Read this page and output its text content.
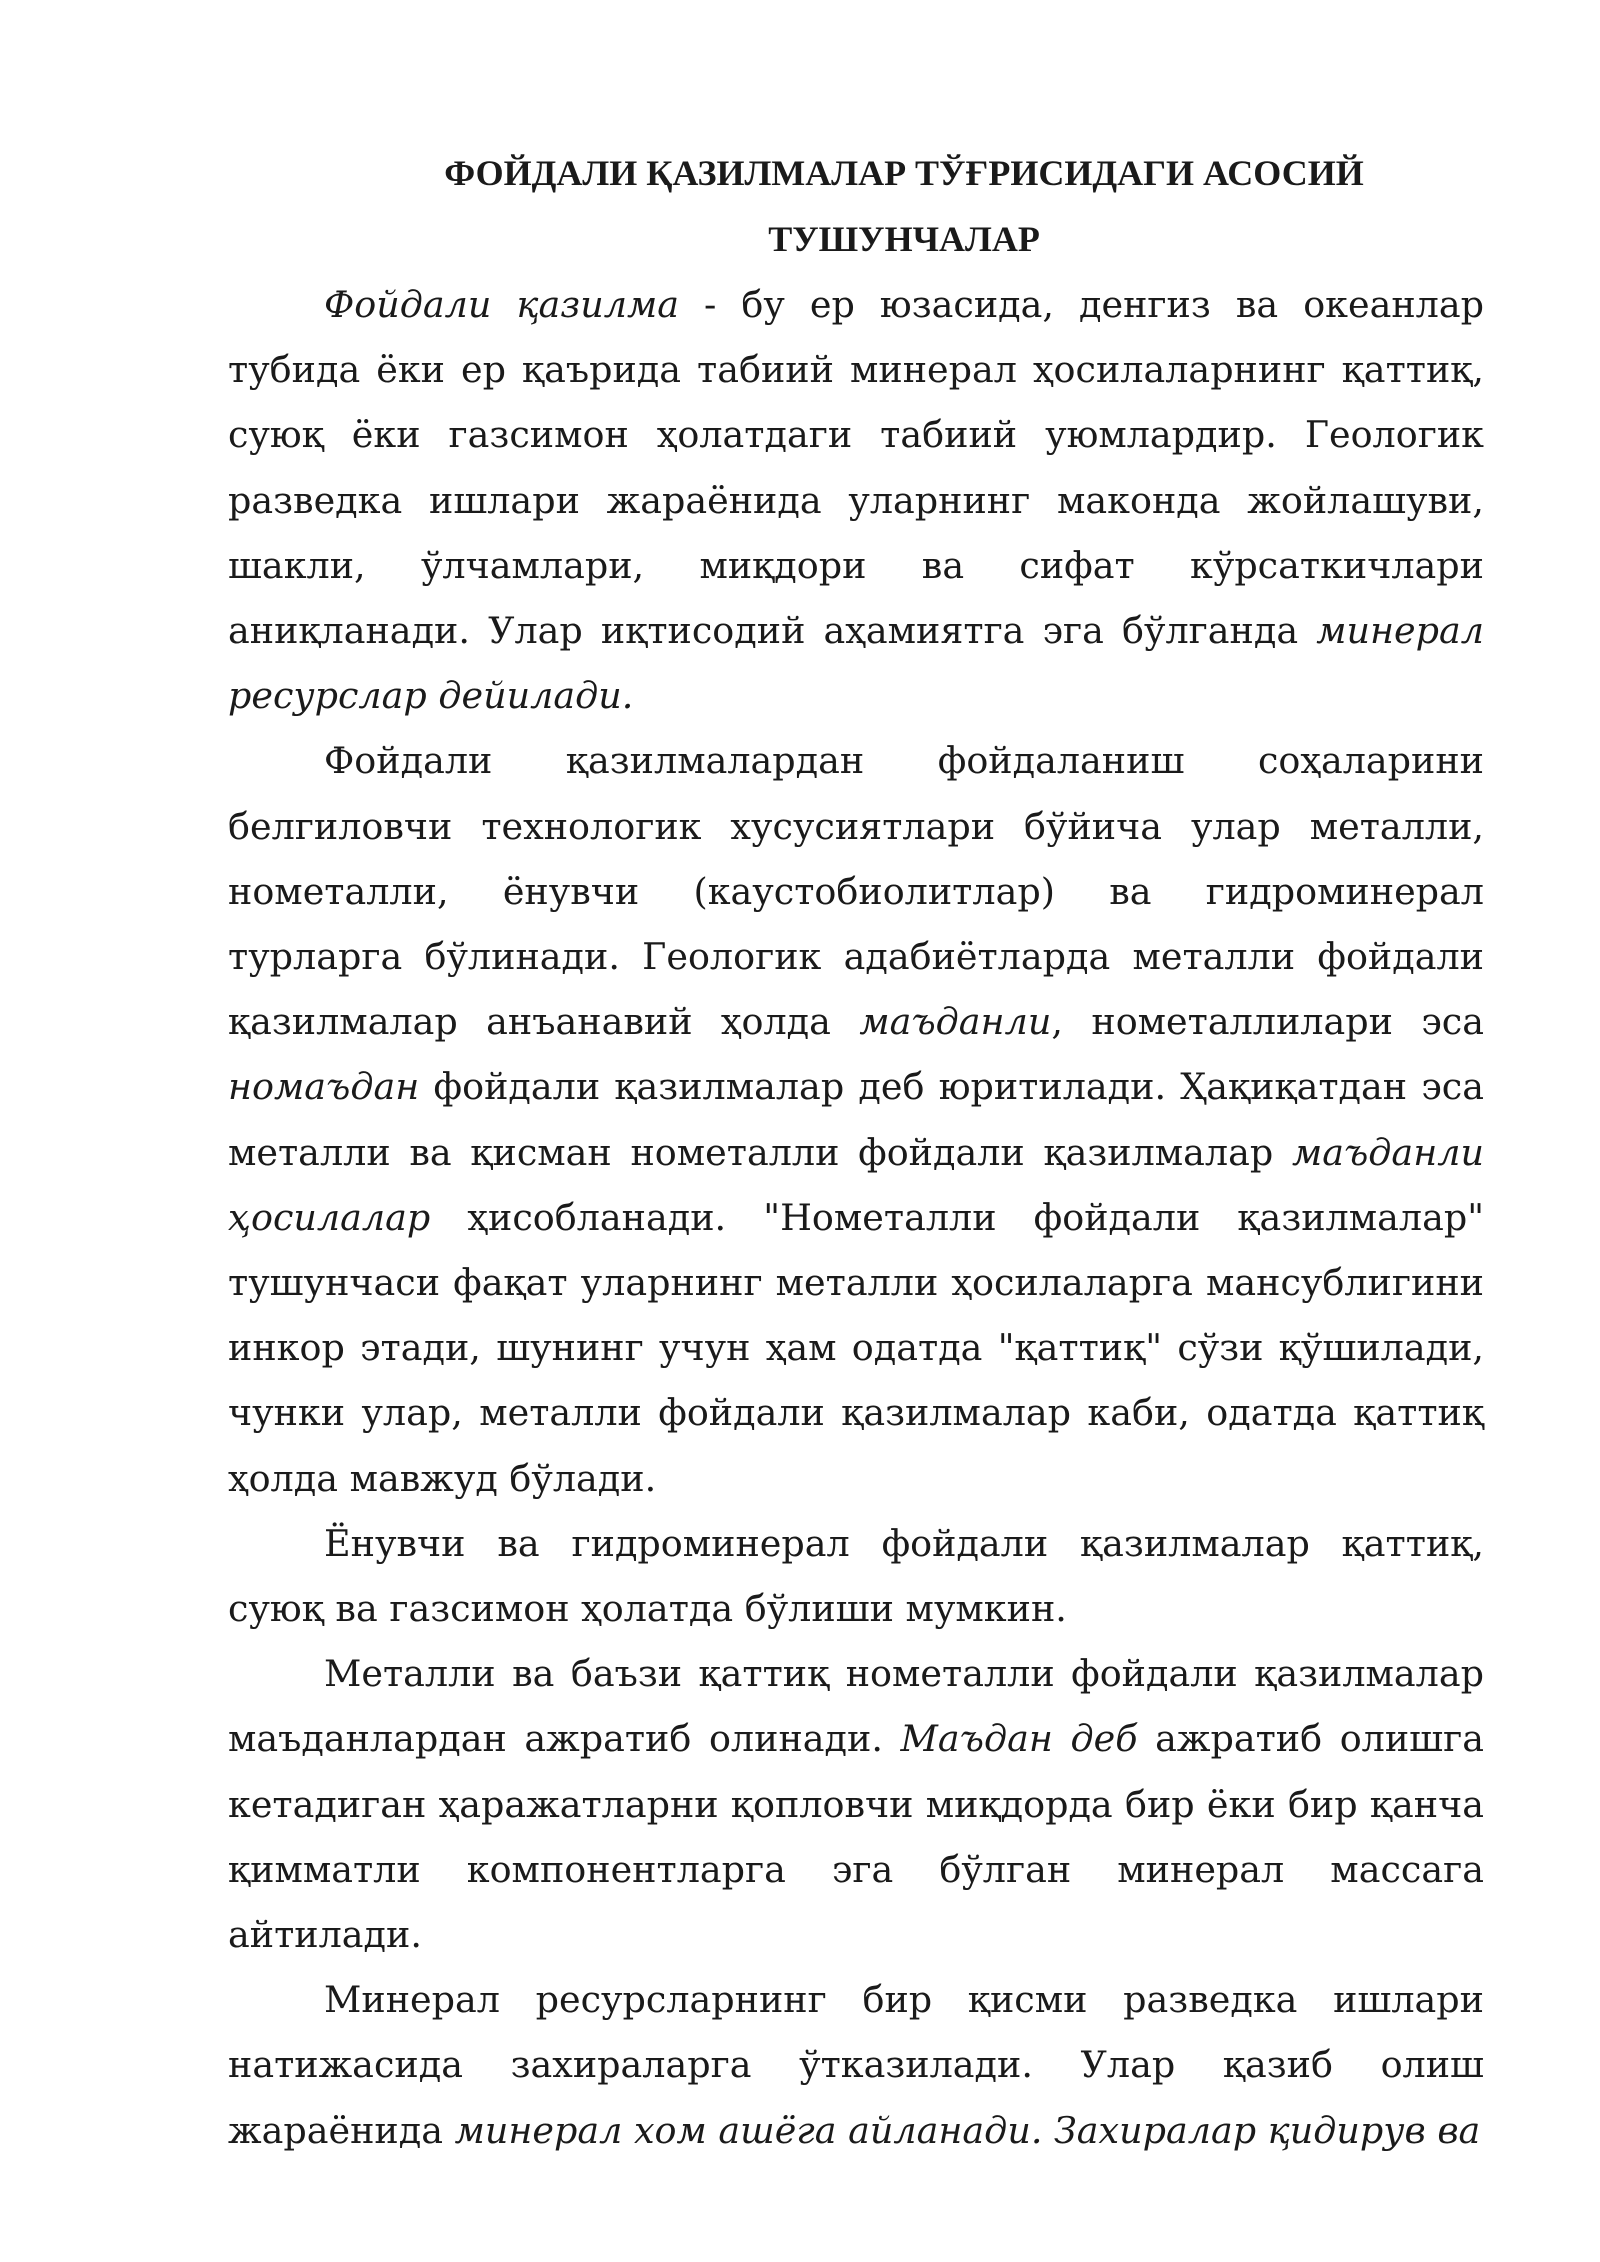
ФОЙДАЛИ ҚАЗИЛМАЛАР ТЎҒРИСИДАГИ АСОСИЙ
ТУШУНЧАЛАР

Фойдали қазилма - бу ер юзасида, денгиз ва океанлар тубида ёки ер қаърида табиий минерал ҳосилаларнинг қаттиқ, суюқ ёки газсимон ҳолатдаги табиий уюмлардир. Геологик разведка ишлари жараёнида уларнинг маконда жойлашуви, шакли, ўлчамлари, миқдори ва сифат кўрсаткичлари аниқланади. Улар иқтисодий аҳамиятга эга бўлганда минерал ресурслар дейилади.

Фойдали қазилмалардан фойдаланиш соҳаларини белгиловчи технологик хусусиятлари бўйича улар металли, нометалли, ёнувчи (каустобиолитлар) ва гидроминерал турларга бўлинади. Геологик адабиётларда металли фойдали қазилмалар анъанавий ҳолда маъданли, нометаллилари эса номаъдан фойдали қазилмалар деб юритилади. Ҳақиқатдан эса металли ва қисман нометалли фойдали қазилмалар маъданли ҳосилалар ҳисобланади. "Нометалли фойдали қазилмалар" тушунчаси фақат уларнинг металли ҳосилаларга мансублигини инкор этади, шунинг учун ҳам одатда "қаттиқ" сўзи қўшилади, чунки улар, металли фойдали қазилмалар каби, одатда қаттиқ ҳолда мавжуд бўлади.

Ёнувчи ва гидроминерал фойдали қазилмалар қаттиқ, суюқ ва газсимон ҳолатда бўлиши мумкин.

Металли ва баъзи қаттиқ нометалли фойдали қазилмалар маъданлардан ажратиб олинади. Маъдан деб ажратиб олишга кетадиган ҳаражатларни қопловчи миқдорда бир ёки бир қанча қимматли компонентларга эга бўлган минерал массага айтилади.

Минерал ресурсларнинг бир қисми разведка ишлари натижасида захираларга ўтказилади. Улар қазиб олиш жараёнида минерал хом ашёга айланади. Захиралар қидирув ва
